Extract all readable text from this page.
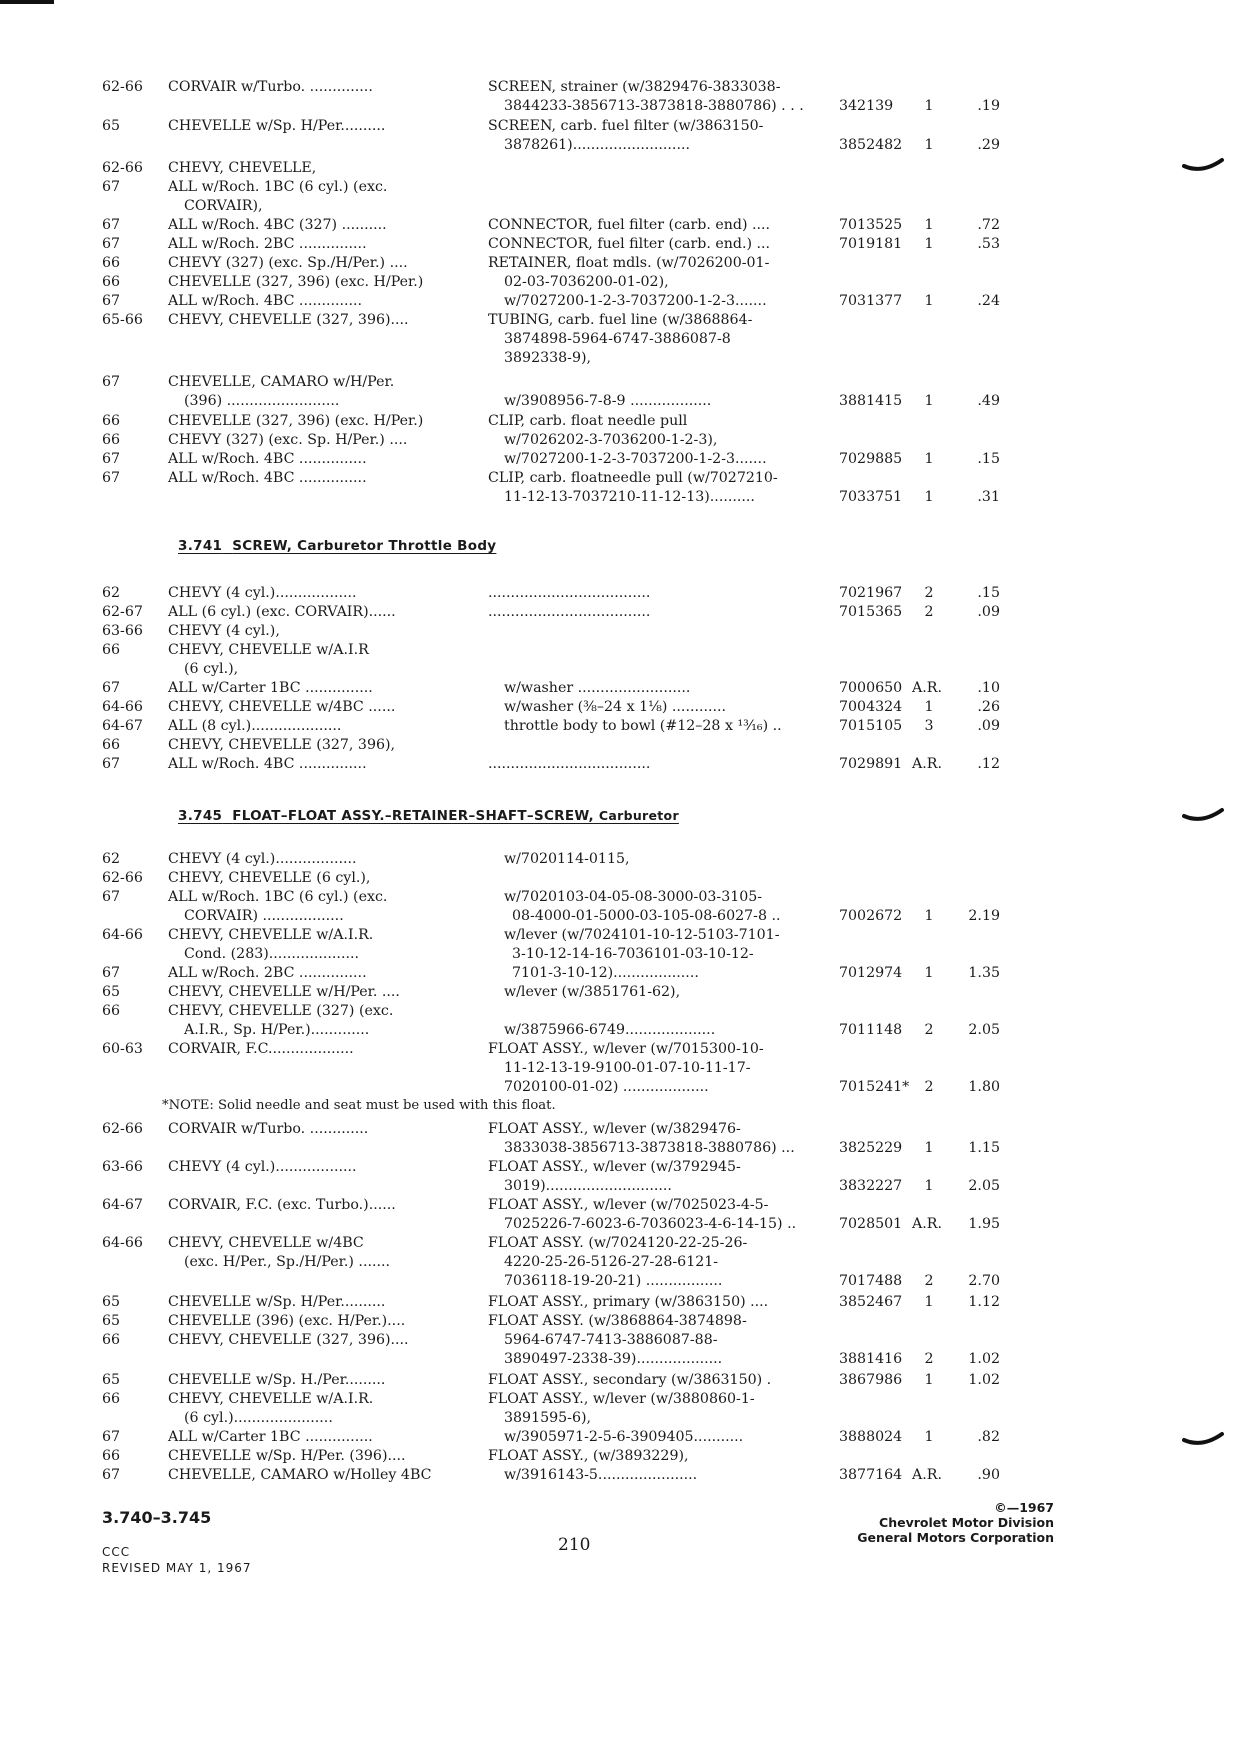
62-66	CORVAIR w/Turbo. ..............	SCREEN, strainer (w/3829476-3833038-
3844233-3856713-3873818-3880786) . . .	342139	1	.19
65	CHEVELLE w/Sp. H/Per..........	SCREEN, carb. fuel filter (w/3863150-
3878261)..........................	3852482	1	.29
62-66	CHEVY, CHEVELLE,
67	ALL w/Roch. 1BC (6 cyl.) (exc.
CORVAIR),
67	ALL w/Roch. 4BC (327) ..........	CONNECTOR, fuel filter (carb. end) ....	7013525	1	.72
67	ALL w/Roch. 2BC ...............	CONNECTOR, fuel filter (carb. end.) ...	7019181	1	.53
66	CHEVY (327) (exc. Sp./H/Per.) ....	RETAINER, float mdls. (w/7026200-01-
66	CHEVELLE (327, 396) (exc. H/Per.)	02-03-7036200-01-02),
67	ALL w/Roch. 4BC ..............	w/7027200-1-2-3-7037200-1-2-3.......	7031377	1	.24
65-66	CHEVY, CHEVELLE (327, 396)....	TUBING, carb. fuel line (w/3868864-
3874898-5964-6747-3886087-8
3892338-9),
67	CHEVELLE, CAMARO w/H/Per.
(396) .........................	w/3908956-7-8-9 ..................	3881415	1	.49
66	CHEVELLE (327, 396) (exc. H/Per.)	CLIP, carb. float needle pull
66	CHEVY (327) (exc. Sp. H/Per.) ....	w/7026202-3-7036200-1-2-3),
67	ALL w/Roch. 4BC ...............	w/7027200-1-2-3-7037200-1-2-3.......	7029885	1	.15
67	ALL w/Roch. 4BC ...............	CLIP, carb. floatneedle pull (w/7027210-
11-12-13-7037210-11-12-13)..........	7033751	1	.31
3.741 SCREW, Carburetor Throttle Body
62	CHEVY (4 cyl.)..................	....................................	7021967	2	.15
62-67	ALL (6 cyl.) (exc. CORVAIR)......	....................................	7015365	2	.09
63-66	CHEVY (4 cyl.),
66	CHEVY, CHEVELLE w/A.I.R
(6 cyl.),
67	ALL w/Carter 1BC ...............	w/washer .........................	7000650 A.R.	.10
64-66	CHEVY, CHEVELLE w/4BC ......	w/washer (⅜–24 x 1⅛) ............	7004324	1	.26
64-67	ALL (8 cyl.)....................	throttle body to bowl (#12–28 x ¹³⁄₁₆) ..	7015105	3	.09
66	CHEVY, CHEVELLE (327, 396),
67	ALL w/Roch. 4BC ...............	....................................	7029891 A.R.	.12
3.745 FLOAT–FLOAT ASSY.–RETAINER–SHAFT–SCREW, Carburetor
62	CHEVY (4 cyl.)..................	w/7020114-0115,
62-66	CHEVY, CHEVELLE (6 cyl.),
67	ALL w/Roch. 1BC (6 cyl.) (exc.	w/7020103-04-05-08-3000-03-3105-
CORVAIR) ..................	08-4000-01-5000-03-105-08-6027-8 ..	7002672	1	2.19
64-66	CHEVY, CHEVELLE w/A.I.R.	w/lever (w/7024101-10-12-5103-7101-
Cond. (283)....................	3-10-12-14-16-7036101-03-10-12-
67	ALL w/Roch. 2BC ...............	7101-3-10-12)...................	7012974	1	1.35
65	CHEVY, CHEVELLE w/H/Per. ....	w/lever (w/3851761-62),
66	CHEVY, CHEVELLE (327) (exc.
A.I.R., Sp. H/Per.).............	w/3875966-6749....................	7011148	2	2.05
60-63	CORVAIR, F.C...................	FLOAT ASSY., w/lever (w/7015300-10-
11-12-13-19-9100-01-07-10-11-17-
7020100-01-02) ...................	7015241*	2	1.80
62-66	CORVAIR w/Turbo. .............	FLOAT ASSY., w/lever (w/3829476-
3833038-3856713-3873818-3880786) ...	3825229	1	1.15
63-66	CHEVY (4 cyl.)..................	FLOAT ASSY., w/lever (w/3792945-
3019)............................	3832227	1	2.05
64-67	CORVAIR, F.C. (exc. Turbo.)......	FLOAT ASSY., w/lever (w/7025023-4-5-
7025226-7-6023-6-7036023-4-6-14-15) ..	7028501 A.R.	1.95
64-66	CHEVY, CHEVELLE w/4BC	FLOAT ASSY. (w/7024120-22-25-26-
(exc. H/Per., Sp./H/Per.) .......	4220-25-26-5126-27-28-6121-
7036118-19-20-21) .................	7017488	2	2.70
65	CHEVELLE w/Sp. H/Per..........	FLOAT ASSY., primary (w/3863150) ....	3852467	1	1.12
65	CHEVELLE (396) (exc. H/Per.)....	FLOAT ASSY. (w/3868864-3874898-
66	CHEVY, CHEVELLE (327, 396)....	5964-6747-7413-3886087-88-
3890497-2338-39)...................	3881416	2	1.02
65	CHEVELLE w/Sp. H./Per.........	FLOAT ASSY., secondary (w/3863150) .	3867986	1	1.02
66	CHEVY, CHEVELLE w/A.I.R.	FLOAT ASSY., w/lever (w/3880860-1-
(6 cyl.)......................	3891595-6),
67	ALL w/Carter 1BC ...............	w/3905971-2-5-6-3909405...........	3888024	1	.82
66	CHEVELLE w/Sp. H/Per. (396)....	FLOAT ASSY., (w/3893229),
67	CHEVELLE, CAMARO w/Holley 4BC	w/3916143-5......................	3877164 A.R.	.90
*NOTE: Solid needle and seat must be used with this float.
3.740–3.745
CCC
REVISED MAY 1, 1967
210
©—1967
Chevrolet Motor Division
General Motors Corporation
